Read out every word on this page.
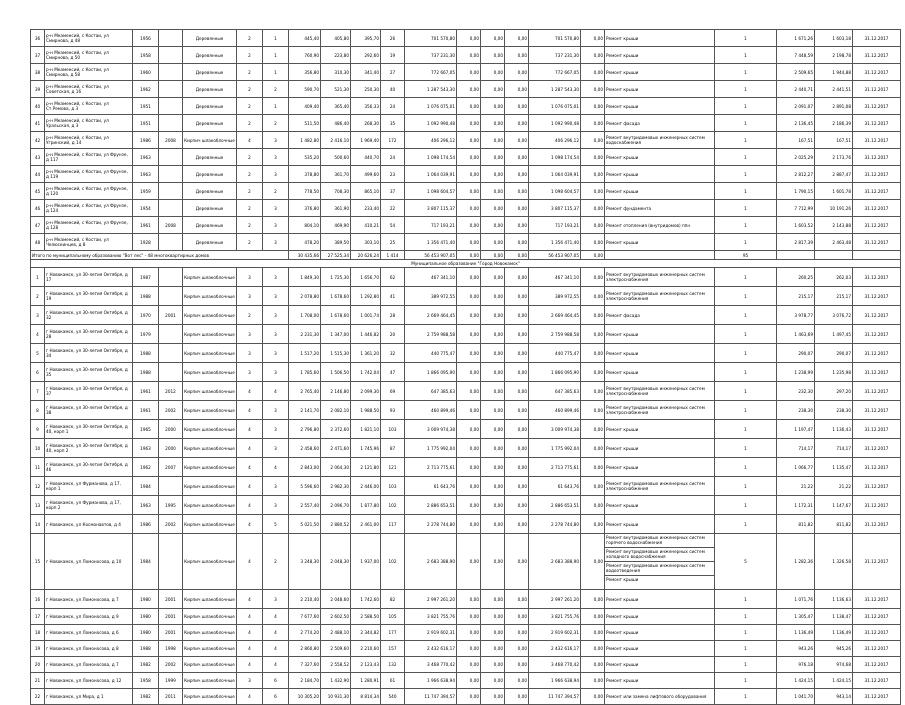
36	р-н Мкаменсий, с Костаи, ул Смирнова, д 48	1956		Деревянные	2	1	445,40	405,80	395,70	26	701 570,80	0,00	0,00	0,00	701 570,80	0,00	Ремонт крыши	1	1 671,26	1 603,18	31.12.2017
37	р-н Мкаменсий, с Костаи, ул Смирнова, д 50	1958		Деревянные	2	1	760,90	223,80	292,60	19	737 231,30	0,00	0,00	0,00	737 231,30	0,00	Ремонт крыши	1	7 448,59	2 198,78	31.12.2017
38	р-н Мкаменсий, с Костаи, ул Смирнова, д 58	1960		Деревянные	2	1	356,80	310,30	341,40	27	772 667,05	0,00	0,00	0,00	772 667,05	0,00	Ремонт крыши	1	2 509,65	1 944,88	31.12.2017
39	р-н Мкаменсий, с Костаи, ул Советская, д 16	1962		Деревянные	2	2	590,70	521,30	250,30	40	1 287 543,30	0,00	0,00	0,00	1 287 543,30	0,00	Ремонт крыши	1	2 440,71	2 441,51	31.12.2017
40	р-н Мкаменсий, с Костаи, ул Ст.Ремова, д 3	1951		Деревянные	2	1	409,40	365,40	356,33	24	1 076 075,01	0,00	0,00	0,00	1 076 075,01	0,00	Ремонт крыши	1	2 091,07	2 891,08	31.12.2017
41	р-н Мкаменсий, с Костаи, ул Уральская, д 3	1951		Деревянные	2	2	511,50	486,40	268,30	35	1 092 990,48	0,00	0,00	0,00	1 092 990,48	0,00	Ремонт фасада	1	2 136,45	2 186,39	31.12.2017
42	р-н Мкаменсий, с Костаи, ул Угринский, д 14	1986	2008	Кирпич шлакоблочные	4	3	1 482,80	2 416,10	1 969,40	172	406 296,12	0,00	0,00	0,00	406 296,12	0,00	Ремонт внутридомовых инженерных систем водоснабжения	1	167,51	167,51	31.12.2017
43	р-н Мкаменсий, с Костаи, ул Фрунзе, д 117	1963		Деревянные	2	3	535,20	500,60	440,70	24	1 098 174,54	0,00	0,00	0,00	1 098 174,54	0,00	Ремонт крыши	1	2 025,29	2 173,76	31.12.2017
44	р-н Мкаменсий, с Костаи, ул Фрунзе, д 119	1963		Деревянные	2	3	378,80	361,70	499,60	23	1 064 039,91	0,00	0,00	0,00	1 064 039,91	0,00	Ремонт крыши	1	2 812,27	2 887,47	31.12.2017
45	р-н Мкаменсий, с Костаи, ул Фрунзе, д 120	1959		Деревянные	2	2	778,50	708,30	865,10	37	1 098 604,57	0,00	0,00	0,00	1 098 604,57	0,00	Ремонт крыши	1	1 790,15	1 601,78	31.12.2017
46	р-н Мкаменсий, с Костаи, ул Фрунзе, д 124	1954		Деревянные	2	3	376,80	361,90	233,40	22	3 807 115,37	0,00	0,00	0,00	3 807 115,37	0,00	Ремонт фундамента	1	7 712,99	10 191,26	31.12.2017
47	р-н Мкаменсий, с Костаи, ул Фрунзе, д 128	1961	2008	Деревянные	2	3	804,10	469,90	410,21	54	717 193,21	0,00	0,00	0,00	717 193,21	0,00	Ремонт отопления (внутридомов) ппн	1	1 603,52	2 143,88	31.12.2017
48	р-н Мкаменсий, с Костаи, ул Челюскинцев, д 8	1928		Деревянные	2	3	478,20	389,50	303,10	25	1 356 471,40	0,00	0,00	0,00	1 356 471,40	0,00	Ремонт крыши	1	2 817,39	2 463,48	31.12.2017
Итого по муниципальному образованию "Вот лес" - 48 многоквартирных домов							30 435,66	27 525,34	20 626,24	1 414	56 453 907,05	0,00	0,00	0,00	56 453 907,05	0,00		95			
Муниципальное образование "Город Новокамск"																					
1	г Новокамск, ул 30-летия Октября, д 17	1987		Кирпич шлакоблочные	3	3	1 849,30	1 725,30	1 656,70	62	467 341,10	0,00	0,00	0,00	467 341,10	0,00	Ремонт внутридомовых инженерных систем электроснабжения	1	260,25	262,03	31.12.2017
2	г Новокамск, ул 30-летия Октября, д 19	1988		Кирпич шлакоблочные	3	3	2 078,80	1 678,60	1 292,80	41	389 972,55	0,00	0,00	0,00	389 972,55	0,00	Ремонт внутридомовых инженерных систем электроснабжения	1	215,17	215,17	31.12.2017
3	г Новокамск, ул 30-летия Октября, д 32	1970	2001	Кирпич шлакоблочные	2	3	1 708,00	1 678,60	1 001,74	28	2 669 464,45	0,00	0,00	0,00	2 669 464,45	0,00	Ремонт фасада	1	3 978,77	3 076,72	31.12.2017
4	г Новокамск, ул 30-летия Октября, д 28	1979		Кирпич шлакоблочные	3	3	2 231,30	1 347,00	1 446,82	20	2 759 988,58	0,00	0,00	0,00	2 759 988,58	0,00	Ремонт крыши	1	1 463,69	1 497,45	31.12.2017
5	г Новокамск, ул 30-летия Октября, д 34	1988		Кирпич шлакоблочные	3	3	1 517,20	1 515,30	1 361,20	32	440 775,47	0,00	0,00	0,00	440 775,47	0,00	Ремонт крыши	1	290,07	290,07	31.12.2017
6	г Новокамск, ул 30-летия Октября, д 35	1988		Кирпич шлакоблочные	3	3	1 785,60	1 506,50	1 742,04	47	1 866 095,90	0,00	0,00	0,00	1 866 095,90	0,00	Ремонт крыши	1	1 238,99	1 235,98	31.12.2017
7	г Новокамск, ул 30-летия Октября, д 37	1961	2012	Кирпич шлакоблочные	4	4	2 765,40	2 146,80	2 099,30	69	647 385,63	0,00	0,00	0,00	647 385,63	0,00	Ремонт внутридомовых инженерных систем электроснабжения	1	232,30	297,20	31.12.2017
8	г Новокамск, ул 30-летия Октября, д 38	1961	2002	Кирпич шлакоблочные	4	3	2 141,70	2 082,10	1 988,50	93	460 899,46	0,00	0,00	0,00	460 899,46	0,00	Ремонт внутридомовых инженерных систем электроснабжения	1	238,30	238,30	31.12.2017
9	г Новокамск, ул 30-летия Октября, д 40, корп 1	1965	2000	Кирпич шлакоблочные	4	3	2 796,80	2 372,60	1 821,10	103	3 009 974,38	0,00	0,00	0,00	3 009 974,38	0,00	Ремонт крыши	1	1 197,47	1 136,43	31.12.2017
10	г Новокамск, ул 30-летия Октября, д 40, корп 2	1963	2000	Кирпич шлакоблочные	4	3	2 458,60	2 471,60	1 745,96	87	1 775 992,04	0,00	0,00	0,00	1 775 992,04	0,00	Ремонт крыши	1	714,17	714,17	31.12.2017
11	г Новокамск, ул 30-летия Октября, д 46	1962	2007	Кирпич шлакоблочные	4	4	2 843,00	2 064,30	2 121,80	121	2 713 775,61	0,00	0,00	0,00	2 713 775,61	0,00	Ремонт крыши	1	1 066,77	1 135,47	31.12.2017
12	г Новокамск, ул Фурманова, д 17, корп 1	1984		Кирпич шлакоблочные	4	3	5 596,60	2 982,30	2 446,00	103	61 643,76	0,00	0,00	0,00	61 643,76	0,00	Ремонт внутридомовых инженерных систем электроснабжения	1	21,22	21,22	31.12.2017
13	г Новокамск, ул Фурманова, д 17, корп 2	1963	1995	Кирпич шлакоблочные	4	3	2 557,40	2 096,70	1 877,80	102	2 886 653,51	0,00	0,00	0,00	2 886 653,51	0,00	Ремонт крыши	1	1 172,31	1 147,67	31.12.2017
14	г Новокамск, ул Космонавтов, д 4	1986	2002	Кирпич шлакоблочные	4	5	5 021,50	2 880,52	2 461,00	117	2 278 744,80	0,00	0,00	0,00	2 278 744,80	0,00	Ремонт крыши	1	811,82	811,82	31.12.2017
15	г Новокамск, ул Ломоносова, д 10	1984		Кирпич шлакоблочные	4	2	3 248,30	2 048,30	1 937,00	102	2 683 388,90	0,00	0,00	0,00	2 683 388,90	0,00	Ремонт внутридомовых инженерных систем горячего водоснабжения
Ремонт внутридомовых инженерных систем холодного водоснабжения
Ремонт внутридомовых инженерных систем водоотведения
Ремонт крыши	5	1 282,36	1 326,58	31.12.2017
16	г Новокамск, ул Ломоносова, д 7	1980	2001	Кирпич шлакоблочные	4	3	2 210,40	2 048,60	1 742,60	82	2 997 261,20	0,00	0,00	0,00	2 997 261,20	0,00	Ремонт крыши	1	1 071,76	1 136,63	31.12.2017
17	г Новокамск, ул Ломоносова, д 9	1980	2001	Кирпич шлакоблочные	4	4	7 677,60	2 602,50	2 588,50	105	3 821 755,76	0,00	0,00	0,00	3 821 755,76	0,00	Ремонт крыши	1	1 305,47	1 138,47	31.12.2017
18	г Новокамск, ул Ломоносова, д 6	1980	2001	Кирпич шлакоблочные	4	4	2 774,20	2 488,10	2 344,82	177	2 919 602,31	0,00	0,00	0,00	2 919 602,31	0,00	Ремонт крыши	1	1 136,49	1 136,49	31.12.2017
19	г Новокамск, ул Ломоносова, д 8	1988	1998	Кирпич шлакоблочные	4	4	2 860,80	2 509,60	2 210,60	157	2 432 616,17	0,00	0,00	0,00	2 432 616,17	0,00	Ремонт крыши	1	943,26	945,26	31.12.2017
20	г Новокамск, ул Ломоносова, д 7	1982	2002	Кирпич шлакоблочные	4	4	7 327,60	2 558,52	2 123,43	132	3 468 770,42	0,00	0,00	0,00	3 468 770,42	0,00	Ремонт крыши	1	976,18	974,68	31.12.2017
21	г Новокамск, ул Ломоносова, д 12	1958	1999	Кирпич шлакоблочные	3	6	2 184,70	1 432,90	1 280,91	61	1 966 638,94	0,00	0,00	0,00	1 966 638,94	0,00	Ремонт крыши	1	1 424,15	1 424,15	31.12.2017
22	г Новокамск, ул Мира, д 1	1982	2011	Кирпич шлакоблочные	4	6	10 305,20	10 931,30	8 814,34	540	11 747 394,57	0,00	0,00	0,00	11 747 394,57	0,00	Ремонт или замена лифтового оборудования	1	1 041,70	943,14	31.12.2017
